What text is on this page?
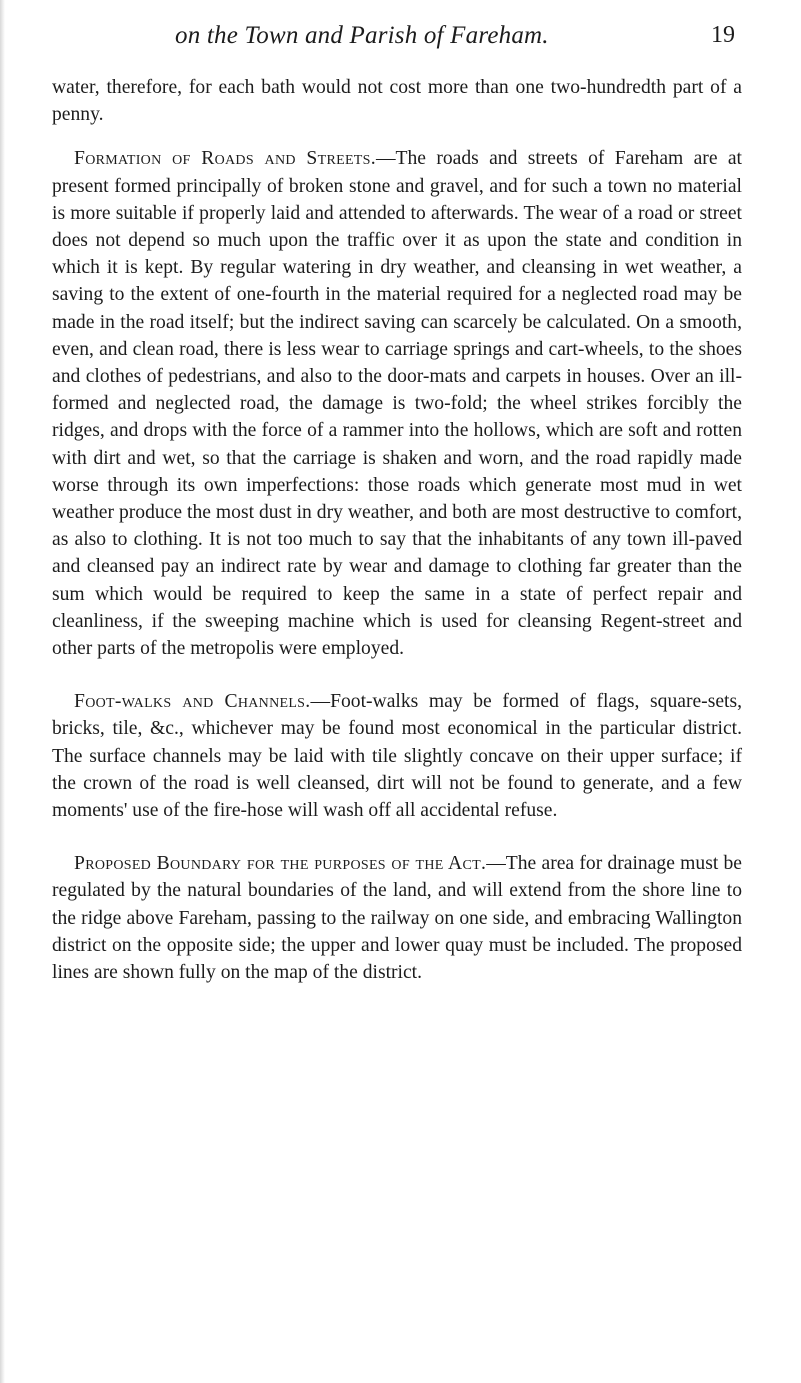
on the Town and Parish of Fareham.	19

water, therefore, for each bath would not cost more than one two-hundredth part of a penny.

Formation of Roads and Streets.—The roads and streets of Fareham are at present formed principally of broken stone and gravel, and for such a town no material is more suitable if properly laid and attended to afterwards. The wear of a road or street does not depend so much upon the traffic over it as upon the state and condition in which it is kept. By regular watering in dry weather, and cleansing in wet weather, a saving to the extent of one-fourth in the material required for a neglected road may be made in the road itself; but the indirect saving can scarcely be calculated. On a smooth, even, and clean road, there is less wear to carriage springs and cart-wheels, to the shoes and clothes of pedestrians, and also to the door-mats and carpets in houses. Over an ill-formed and neglected road, the damage is two-fold; the wheel strikes forcibly the ridges, and drops with the force of a rammer into the hollows, which are soft and rotten with dirt and wet, so that the carriage is shaken and worn, and the road rapidly made worse through its own imperfections: those roads which generate most mud in wet weather produce the most dust in dry weather, and both are most destructive to comfort, as also to clothing. It is not too much to say that the inhabitants of any town ill-paved and cleansed pay an indirect rate by wear and damage to clothing far greater than the sum which would be required to keep the same in a state of perfect repair and cleanliness, if the sweeping machine which is used for cleansing Regent-street and other parts of the metropolis were employed.

Foot-walks and Channels.—Foot-walks may be formed of flags, square-sets, bricks, tile, &c., whichever may be found most economical in the particular district. The surface channels may be laid with tile slightly concave on their upper surface; if the crown of the road is well cleansed, dirt will not be found to generate, and a few moments' use of the fire-hose will wash off all accidental refuse.

Proposed Boundary for the purposes of the Act.—The area for drainage must be regulated by the natural boundaries of the land, and will extend from the shore line to the ridge above Fareham, passing to the railway on one side, and embracing Wallington district on the opposite side; the upper and lower quay must be included. The proposed lines are shown fully on the map of the district.
